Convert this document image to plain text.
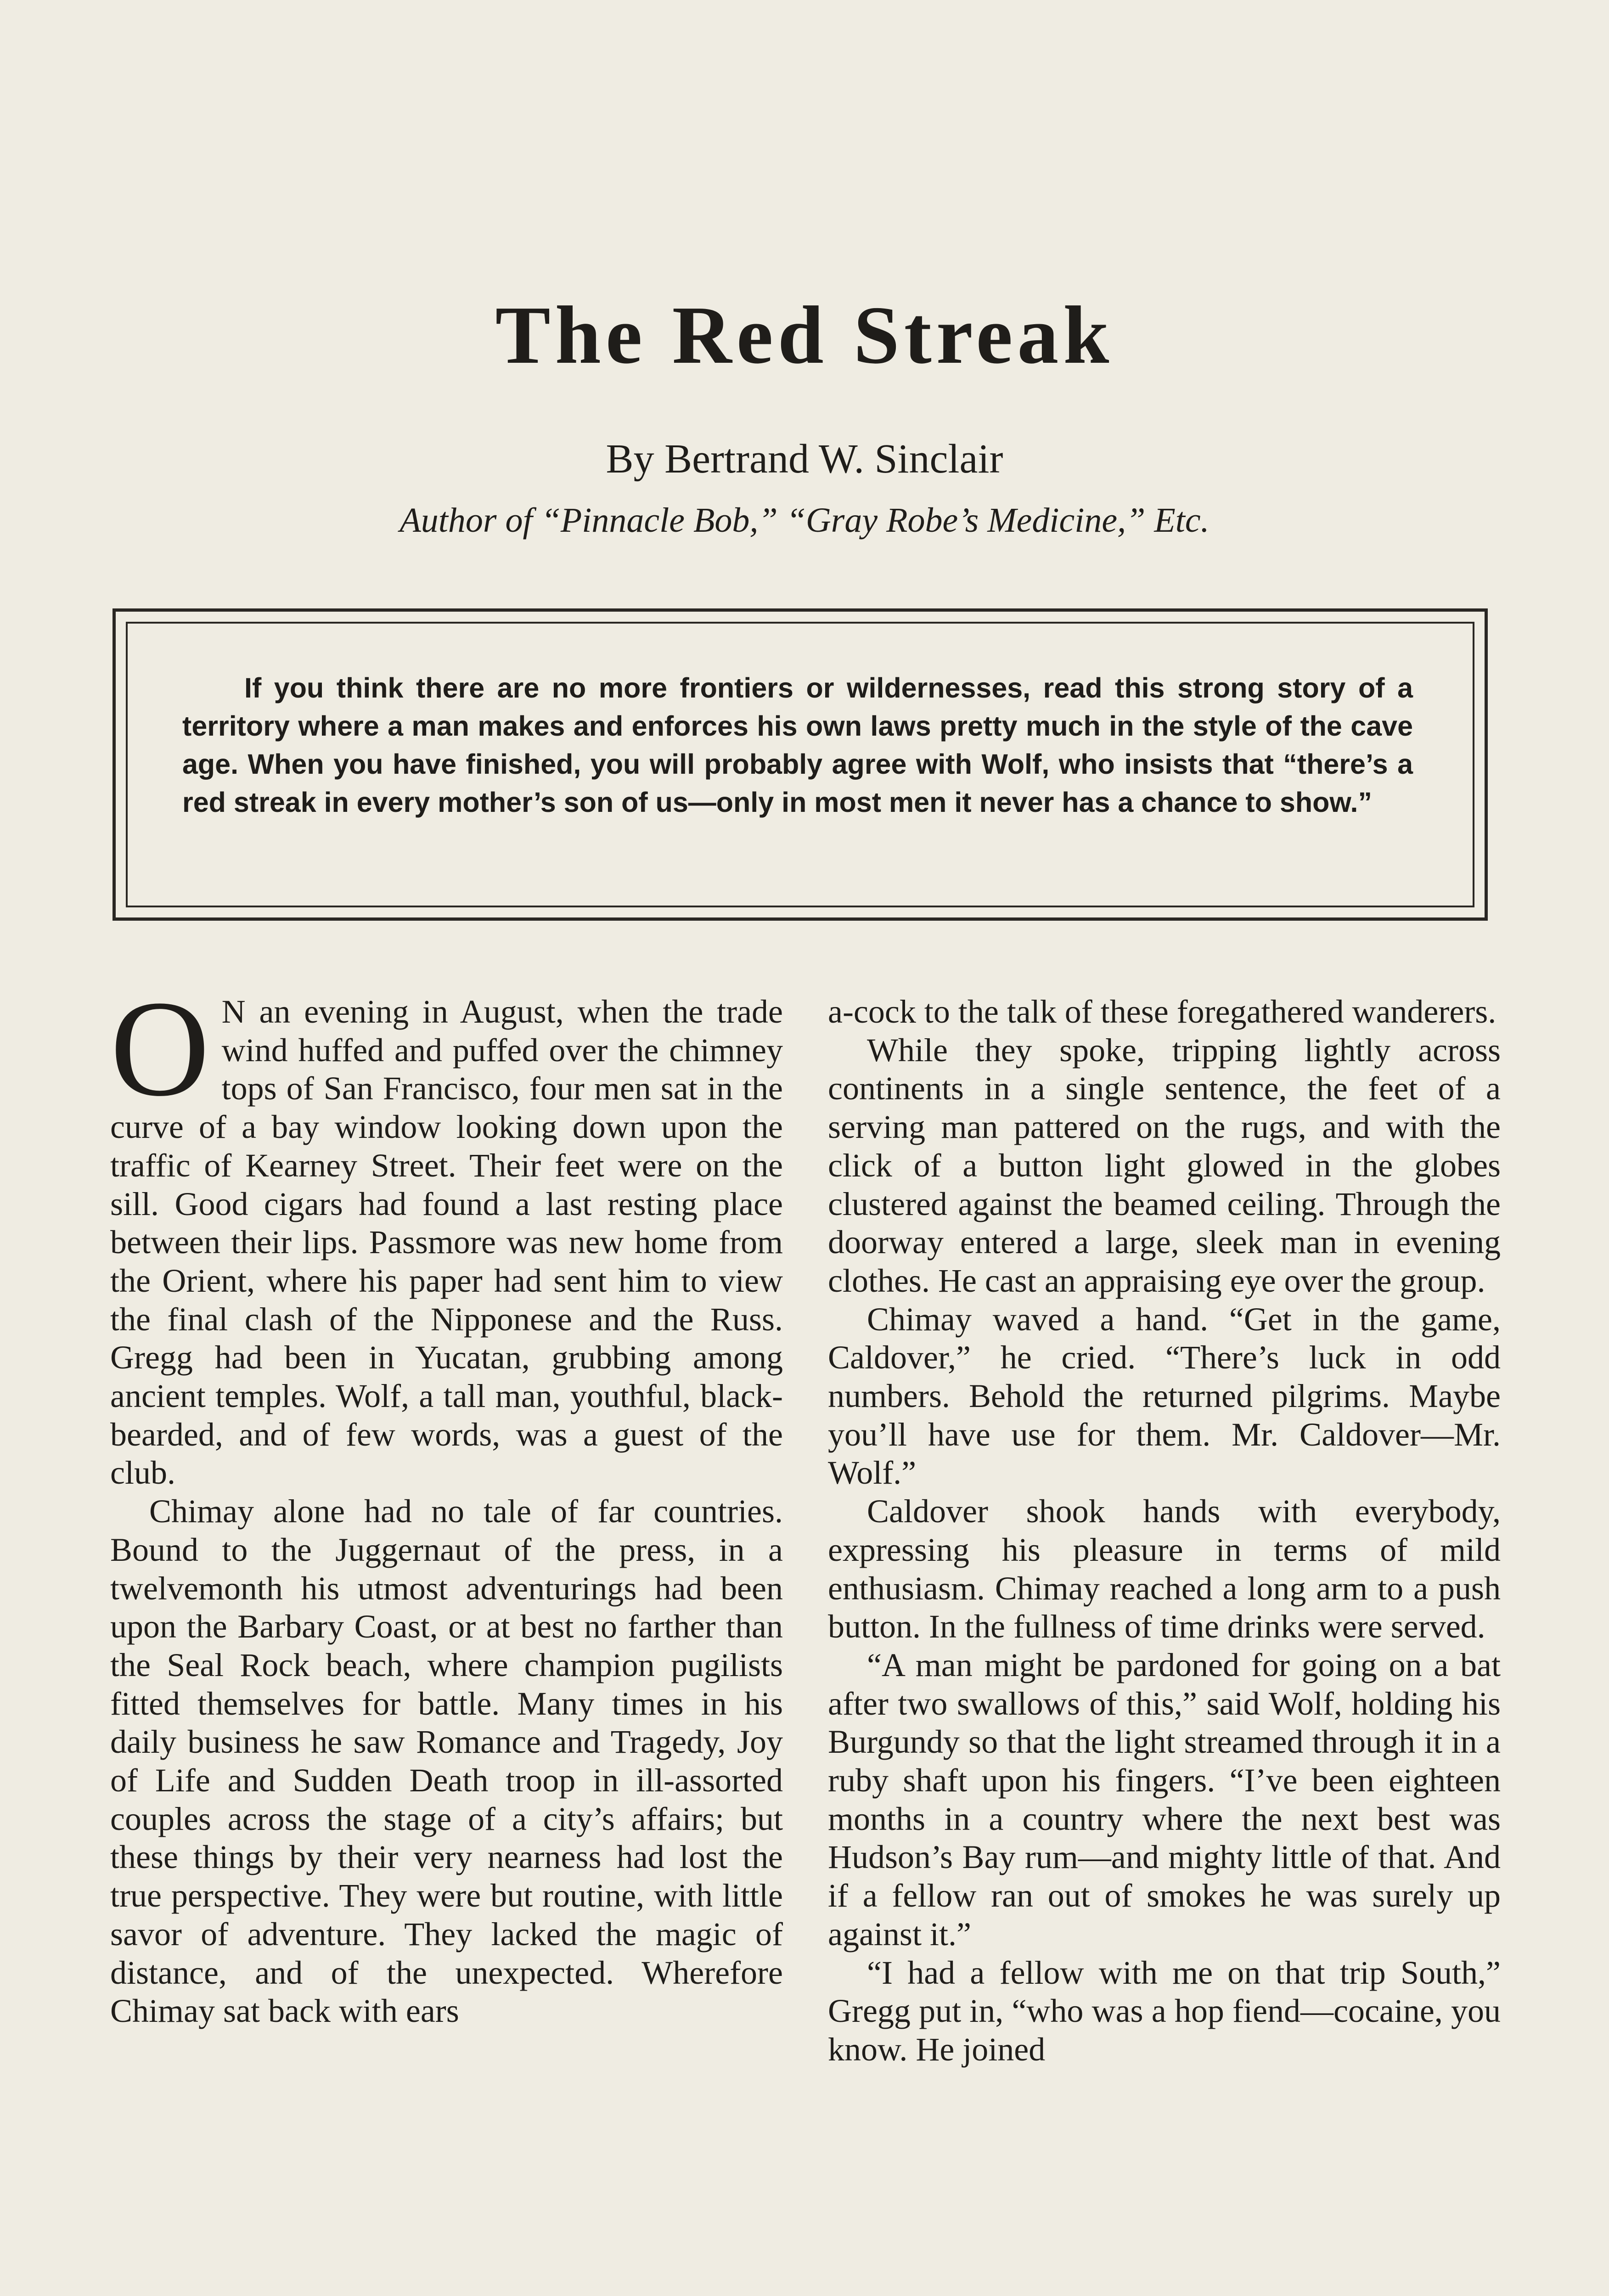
The Red Streak
By Bertrand W. Sinclair
Author of “Pinnacle Bob,” “Gray Robe’s Medicine,” Etc.

If you think there are no more frontiers or wildernesses, read this strong story of a territory where a man makes and enforces his own laws pretty much in the style of the cave age. When you have finished, you will probably agree with Wolf, who insists that “there’s a red streak in every mother’s son of us—only in most men it never has a chance to show.”

O N an evening in August, when the trade wind huffed and puffed over the chimney tops of San Francisco, four men sat in the curve of a bay window looking down upon the traffic of Kearney Street. Their feet were on the sill. Good cigars had found a last resting place between their lips. Passmore was new home from the Orient, where his paper had sent him to view the final clash of the Nipponese and the Russ. Gregg had been in Yucatan, grubbing among ancient temples. Wolf, a tall man, youthful, black-bearded, and of few words, was a guest of the club.

Chimay alone had no tale of far countries. Bound to the Juggernaut of the press, in a twelvemonth his utmost adventurings had been upon the Barbary Coast, or at best no farther than the Seal Rock beach, where champion pugilists fitted themselves for battle. Many times in his daily business he saw Romance and Tragedy, Joy of Life and Sudden Death troop in ill-assorted couples across the stage of a city’s affairs; but these things by their very nearness had lost the true perspective. They were but routine, with little savor of adventure. They lacked the magic of distance, and of the unexpected. Wherefore Chimay sat back with ears

a-cock to the talk of these foregathered wanderers.

While they spoke, tripping lightly across continents in a single sentence, the feet of a serving man pattered on the rugs, and with the click of a button light glowed in the globes clustered against the beamed ceiling. Through the doorway entered a large, sleek man in evening clothes. He cast an appraising eye over the group.

Chimay waved a hand. “Get in the game, Caldover,” he cried. “There’s luck in odd numbers. Behold the returned pilgrims. Maybe you’ll have use for them. Mr. Caldover—Mr. Wolf.”

Caldover shook hands with everybody, expressing his pleasure in terms of mild enthusiasm. Chimay reached a long arm to a push button. In the fullness of time drinks were served.

“A man might be pardoned for going on a bat after two swallows of this,” said Wolf, holding his Burgundy so that the light streamed through it in a ruby shaft upon his fingers. “I’ve been eighteen months in a country where the next best was Hudson’s Bay rum—and mighty little of that. And if a fellow ran out of smokes he was surely up against it.”

“I had a fellow with me on that trip South,” Gregg put in, “who was a hop fiend—cocaine, you know. He joined
